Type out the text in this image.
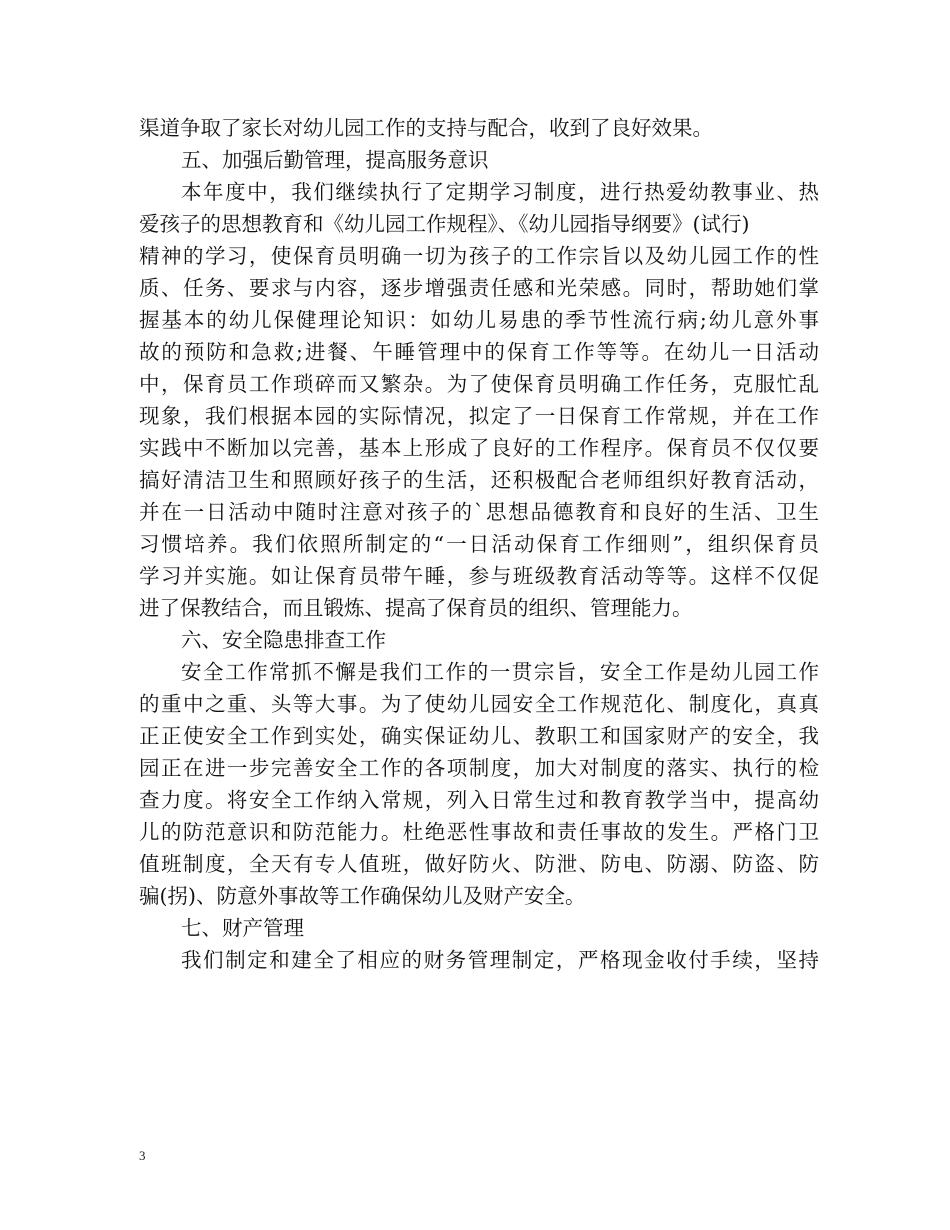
渠道争取了家长对幼儿园工作的支持与配合，收到了良好效果。
五、加强后勤管理，提高服务意识
本年度中，我们继续执行了定期学习制度，进行热爱幼教事业、热
爱孩子的思想教育和《幼儿园工作规程》、《幼儿园指导纲要》(试行)
精神的学习，使保育员明确一切为孩子的工作宗旨以及幼儿园工作的性
质、任务、要求与内容，逐步增强责任感和光荣感。同时，帮助她们掌
握基本的幼儿保健理论知识：如幼儿易患的季节性流行病;幼儿意外事
故的预防和急救;进餐、午睡管理中的保育工作等等。在幼儿一日活动
中，保育员工作琐碎而又繁杂。为了使保育员明确工作任务，克服忙乱
现象，我们根据本园的实际情况，拟定了一日保育工作常规，并在工作
实践中不断加以完善，基本上形成了良好的工作程序。保育员不仅仅要
搞好清洁卫生和照顾好孩子的生活，还积极配合老师组织好教育活动，
并在一日活动中随时注意对孩子的`思想品德教育和良好的生活、卫生
习惯培养。我们依照所制定的“一日活动保育工作细则”，组织保育员
学习并实施。如让保育员带午睡，参与班级教育活动等等。这样不仅促
进了保教结合，而且锻炼、提高了保育员的组织、管理能力。
六、安全隐患排查工作
安全工作常抓不懈是我们工作的一贯宗旨，安全工作是幼儿园工作
的重中之重、头等大事。为了使幼儿园安全工作规范化、制度化，真真
正正使安全工作到实处，确实保证幼儿、教职工和国家财产的安全，我
园正在进一步完善安全工作的各项制度，加大对制度的落实、执行的检
查力度。将安全工作纳入常规，列入日常生过和教育教学当中，提高幼
儿的防范意识和防范能力。杜绝恶性事故和责任事故的发生。严格门卫
值班制度，全天有专人值班，做好防火、防泄、防电、防溺、防盗、防
骗(拐)、防意外事故等工作确保幼儿及财产安全。
七、财产管理
我们制定和建全了相应的财务管理制定，严格现金收付手续，坚持
3
